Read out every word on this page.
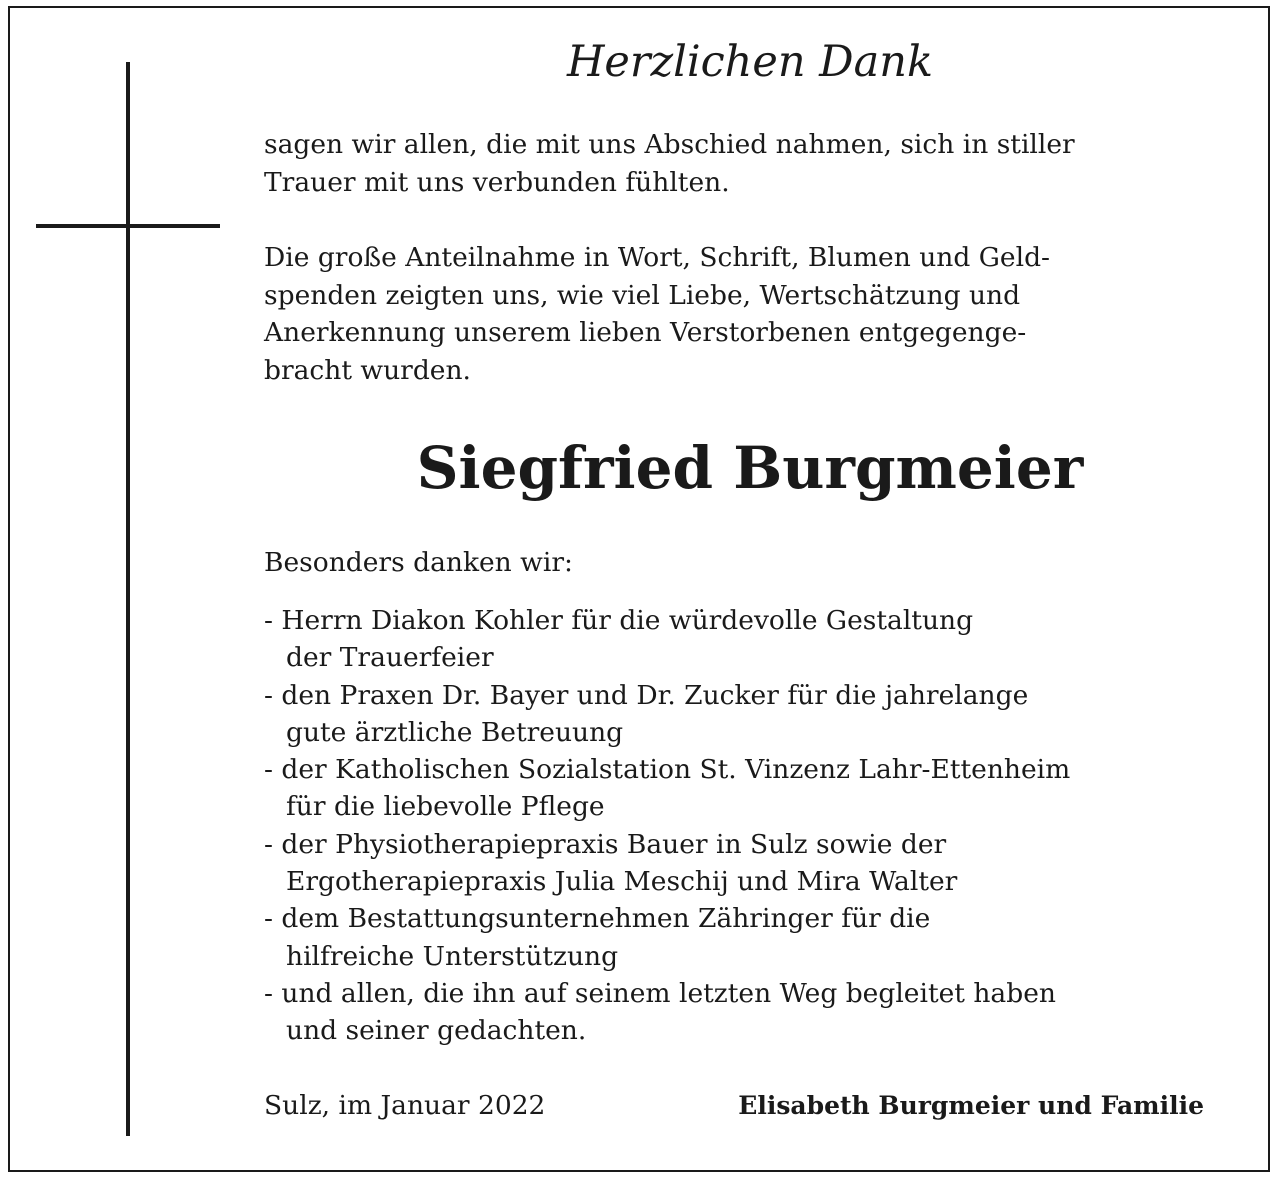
Herzlichen Dank

sagen wir allen, die mit uns Abschied nahmen, sich in stiller
Trauer mit uns verbunden fühlten.

Die große Anteilnahme in Wort, Schrift, Blumen und Geld-
spenden zeigten uns, wie viel Liebe, Wertschätzung und
Anerkennung unserem lieben Verstorbenen entgegenge-
bracht wurden.

Siegfried Burgmeier
Besonders danken wir:
- Herrn Diakon Kohler für die würdevolle Gestaltung
der Trauerfeier
- den Praxen Dr. Bayer und Dr. Zucker für die jahrelange
gute ärztliche Betreuung
- der Katholischen Sozialstation St. Vinzenz Lahr-Ettenheim
für die liebevolle Pflege
- der Physiotherapiepraxis Bauer in Sulz sowie der
Ergotherapiepraxis Julia Meschij und Mira Walter
- dem Bestattungsunternehmen Zähringer für die
hilfreiche Unterstützung
- und allen, die ihn auf seinem letzten Weg begleitet haben
und seiner gedachten.
Sulz, im Januar 2022	Elisabeth Burgmeier und Familie
